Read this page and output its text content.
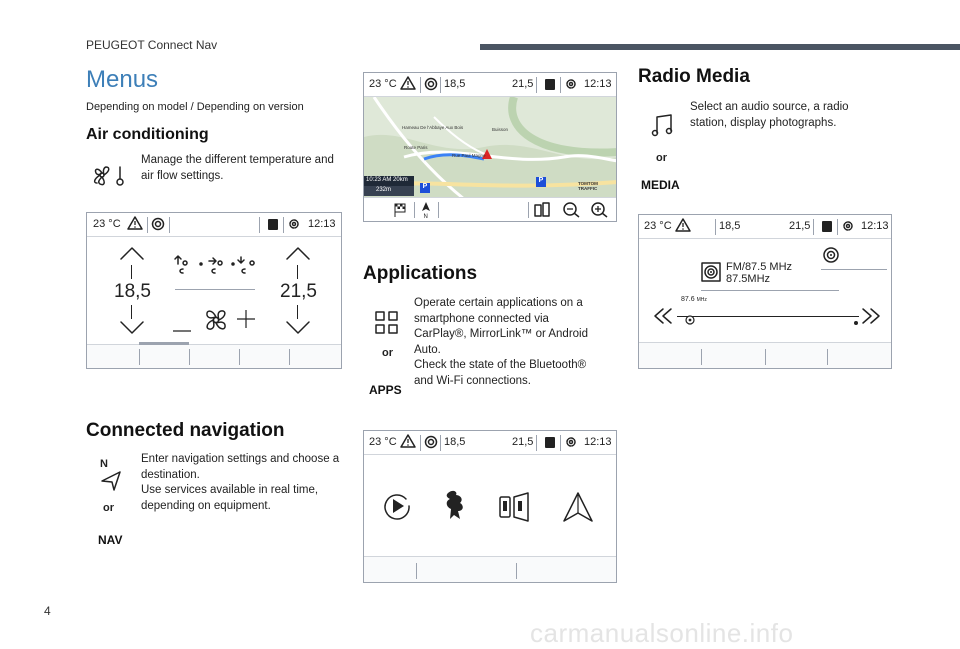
PEUGEOT Connect Nav
Menus
Depending on model / Depending on version
Air conditioning
Manage the different temperature and air flow settings.
23 °C	12:13
18,5	21,5
Connected navigation
N
or
NAV
Enter navigation settings and choose a destination.
Use services available in real time, depending on equipment.
23 °C	18,5	21,5	12:13
Hameau De l'Abbaye Aux Bois	Buisson
Route Paris
Rue Paul Magne
10:23 AM 20km
232m	P
P	TOMTOM TRAFFIC
N
Applications
or
APPS
Operate certain applications on a smartphone connected via CarPlay®, MirrorLink™ or Android Auto.
Check the state of the Bluetooth® and Wi-Fi connections.
23 °C	18,5	21,5	12:13
Radio Media
or
MEDIA
Select an audio source, a radio station, display photographs.
23 °C	18,5	21,5	12:13
FM/87.5 MHz
87.5MHz
87.6 MHz
4
carmanualsonline.info
